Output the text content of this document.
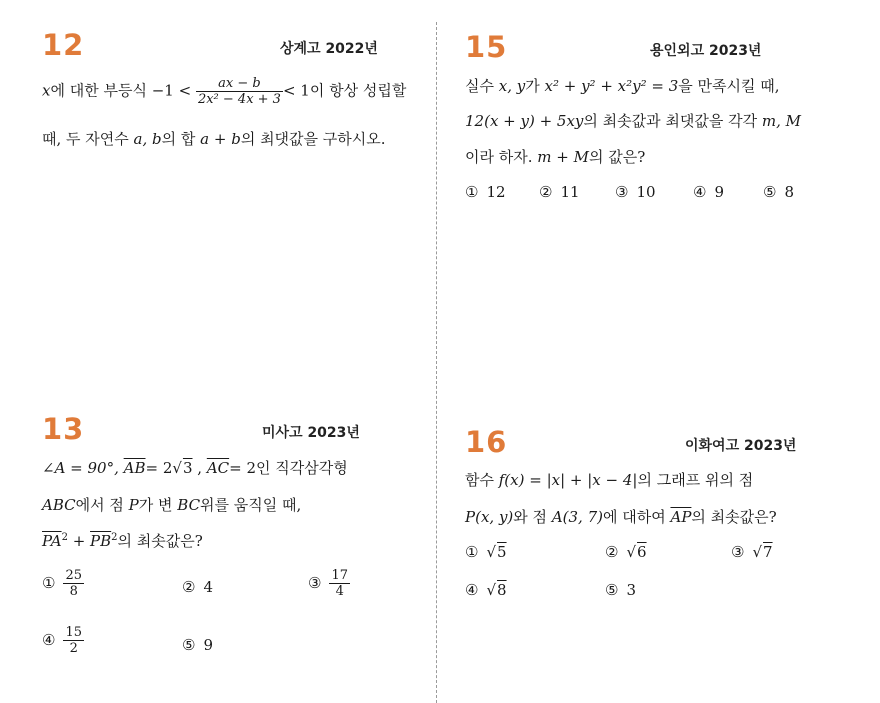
12	상계고 2022년
x에 대한 부등식 $-1 < \frac{ax - b}{\text{2x² − 4x + 3}} < 1$이 항상 성립할
때, 두 자연수 a, b의 합 a + b의 최댓값을 구하시오.
15	용인외고 2023년
실수 x, y가 x² + y² + x²y² = 3을 만족시킬 때,
12(x + y) + 5xy의 최솟값과 최댓값을 각각 m, M
이라 하자. m + M의 값은?
① 12 ② 11 ③ 10 ④ 9	⑤ 8
13	미사고 2023년
∠A = 90°, $\overline{AB}= 2√3$ , $\overline{AC}= 2$인 직각삼각형
ABC에서 점 P가 변 BC위를 움직일 때,
$\overline{PA}^2 + \overline{PB}^2$의 최솟값은?
① $\frac{25}{8}$	② 4	③ $\frac{17}{4}$
④ $\frac{15}{2}$	⑤ 9
16	이화여고 2023년
함수 f(x) = |x| + |x − 4|의 그래프 위의 점
P(x, y)와 점 A(3, 7)에 대하여 $\overline{AP}$의 최솟값은?
① √5	② √6	③ √7
④ √8	⑤ 3
